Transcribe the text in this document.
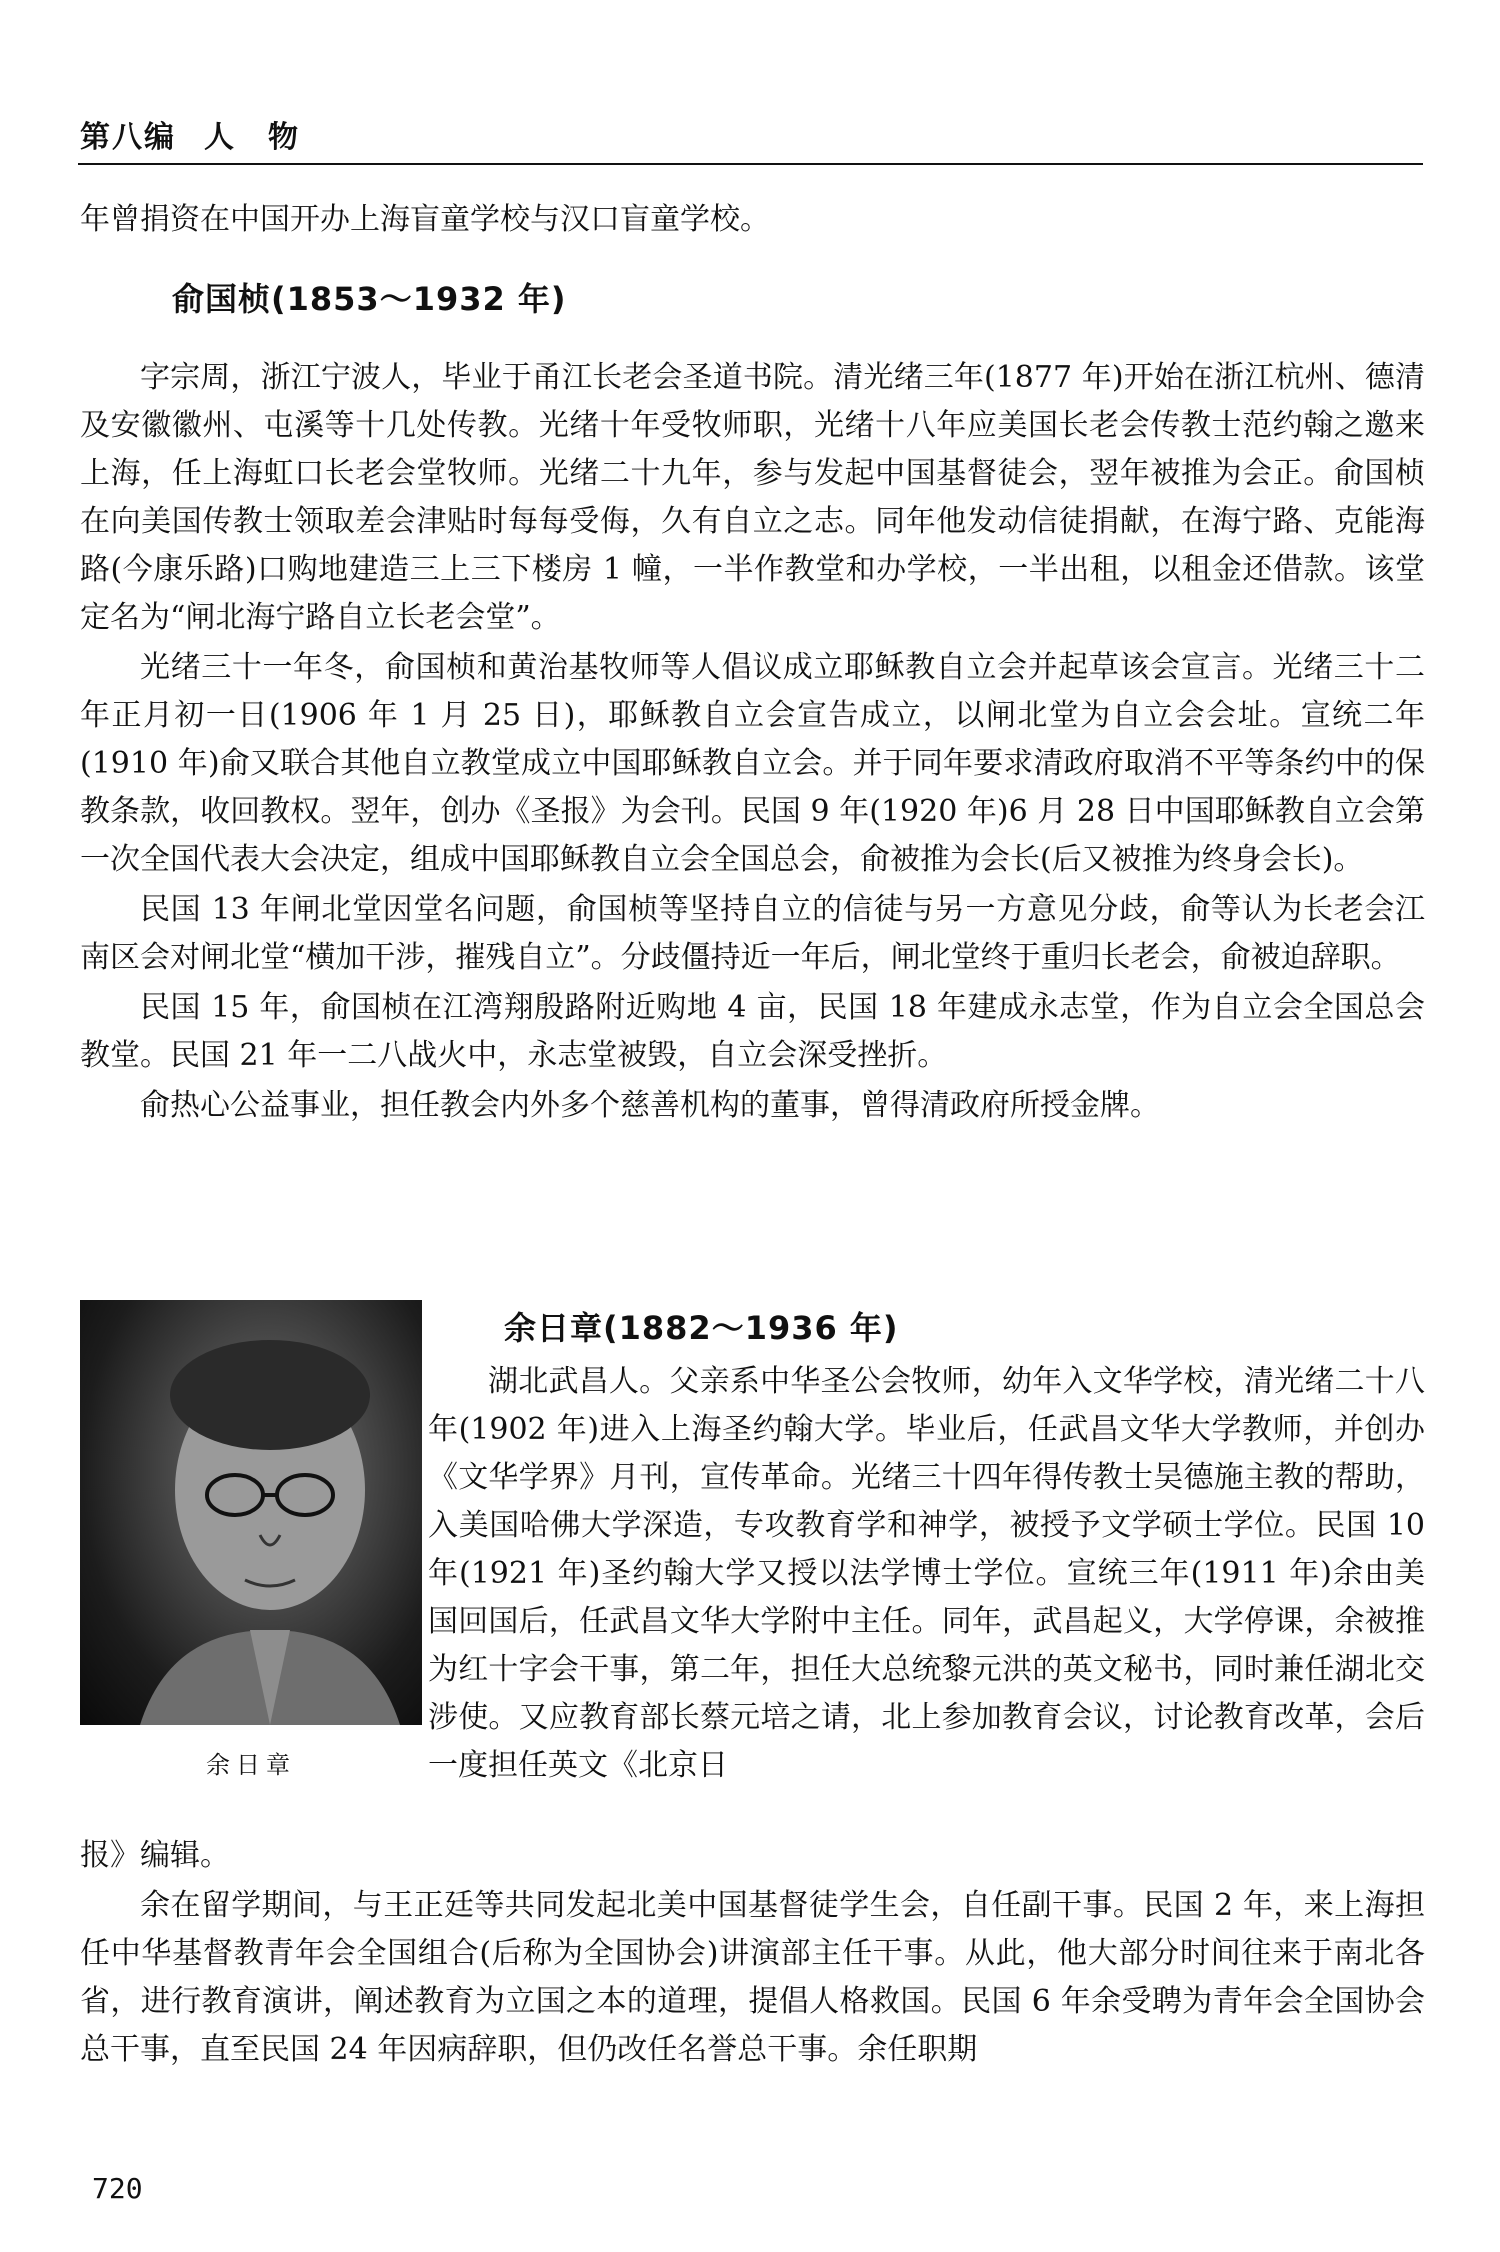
第八编 人　物

年曾捐资在中国开办上海盲童学校与汉口盲童学校。

俞国桢(1853～1932 年)

字宗周，浙江宁波人，毕业于甬江长老会圣道书院。清光绪三年(1877 年)开始在浙江杭州、德清及安徽徽州、屯溪等十几处传教。光绪十年受牧师职，光绪十八年应美国长老会传教士范约翰之邀来上海，任上海虹口长老会堂牧师。光绪二十九年，参与发起中国基督徒会，翌年被推为会正。俞国桢在向美国传教士领取差会津贴时每每受侮，久有自立之志。同年他发动信徒捐献，在海宁路、克能海路(今康乐路)口购地建造三上三下楼房 1 幢，一半作教堂和办学校，一半出租，以租金还借款。该堂定名为“闸北海宁路自立长老会堂”。

光绪三十一年冬，俞国桢和黄治基牧师等人倡议成立耶稣教自立会并起草该会宣言。光绪三十二年正月初一日(1906 年 1 月 25 日)，耶稣教自立会宣告成立，以闸北堂为自立会会址。宣统二年(1910 年)俞又联合其他自立教堂成立中国耶稣教自立会。并于同年要求清政府取消不平等条约中的保教条款，收回教权。翌年，创办《圣报》为会刊。民国 9 年(1920 年)6 月 28 日中国耶稣教自立会第一次全国代表大会决定，组成中国耶稣教自立会全国总会，俞被推为会长(后又被推为终身会长)。

民国 13 年闸北堂因堂名问题，俞国桢等坚持自立的信徒与另一方意见分歧，俞等认为长老会江南区会对闸北堂“横加干涉，摧残自立”。分歧僵持近一年后，闸北堂终于重归长老会，俞被迫辞职。

民国 15 年，俞国桢在江湾翔殷路附近购地 4 亩，民国 18 年建成永志堂，作为自立会全国总会教堂。民国 21 年一二八战火中，永志堂被毁，自立会深受挫折。

俞热心公益事业，担任教会内外多个慈善机构的董事，曾得清政府所授金牌。

余日章
余日章(1882～1936 年)

湖北武昌人。父亲系中华圣公会牧师，幼年入文华学校，清光绪二十八年(1902 年)进入上海圣约翰大学。毕业后，任武昌文华大学教师，并创办《文华学界》月刊，宣传革命。光绪三十四年得传教士吴德施主教的帮助，入美国哈佛大学深造，专攻教育学和神学，被授予文学硕士学位。民国 10 年(1921 年)圣约翰大学又授以法学博士学位。宣统三年(1911 年)余由美国回国后，任武昌文华大学附中主任。同年，武昌起义，大学停课，余被推为红十字会干事，第二年，担任大总统黎元洪的英文秘书，同时兼任湖北交涉使。又应教育部长蔡元培之请，北上参加教育会议，讨论教育改革，会后一度担任英文《北京日

报》编辑。

余在留学期间，与王正廷等共同发起北美中国基督徒学生会，自任副干事。民国 2 年，来上海担任中华基督教青年会全国组合(后称为全国协会)讲演部主任干事。从此，他大部分时间往来于南北各省，进行教育演讲，阐述教育为立国之本的道理，提倡人格救国。民国 6 年余受聘为青年会全国协会总干事，直至民国 24 年因病辞职，但仍改任名誉总干事。余任职期

720
